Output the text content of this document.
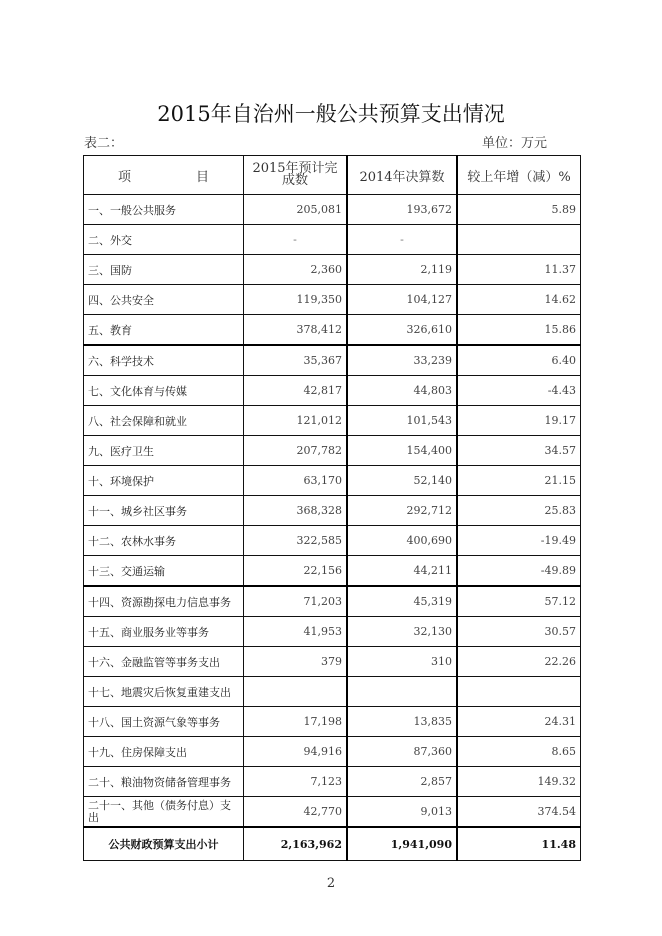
2015年自治州一般公共预算支出情况
表二：	单位：万元
项 目	2015年预计完成数	2014年决算数	较上年增（减）%
一、一般公共服务	205,081	193,672	5.89
二、外交	-	-	
三、国防	2,360	2,119	11.37
四、公共安全	119,350	104,127	14.62
五、教育	378,412	326,610	15.86
六、科学技术	35,367	33,239	6.40
七、文化体育与传媒	42,817	44,803	-4.43
八、社会保障和就业	121,012	101,543	19.17
九、医疗卫生	207,782	154,400	34.57
十、环境保护	63,170	52,140	21.15
十一、城乡社区事务	368,328	292,712	25.83
十二、农林水事务	322,585	400,690	-19.49
十三、交通运输	22,156	44,211	-49.89
十四、资源勘探电力信息事务	71,203	45,319	57.12
十五、商业服务业等事务	41,953	32,130	30.57
十六、金融监管等事务支出	379	310	22.26
十七、地震灾后恢复重建支出			
十八、国土资源气象等事务	17,198	13,835	24.31
十九、住房保障支出	94,916	87,360	8.65
二十、粮油物资储备管理事务	7,123	2,857	149.32
二十一、其他（债务付息）支出	42,770	9,013	374.54
公共财政预算支出小计	2,163,962	1,941,090	11.48
2
